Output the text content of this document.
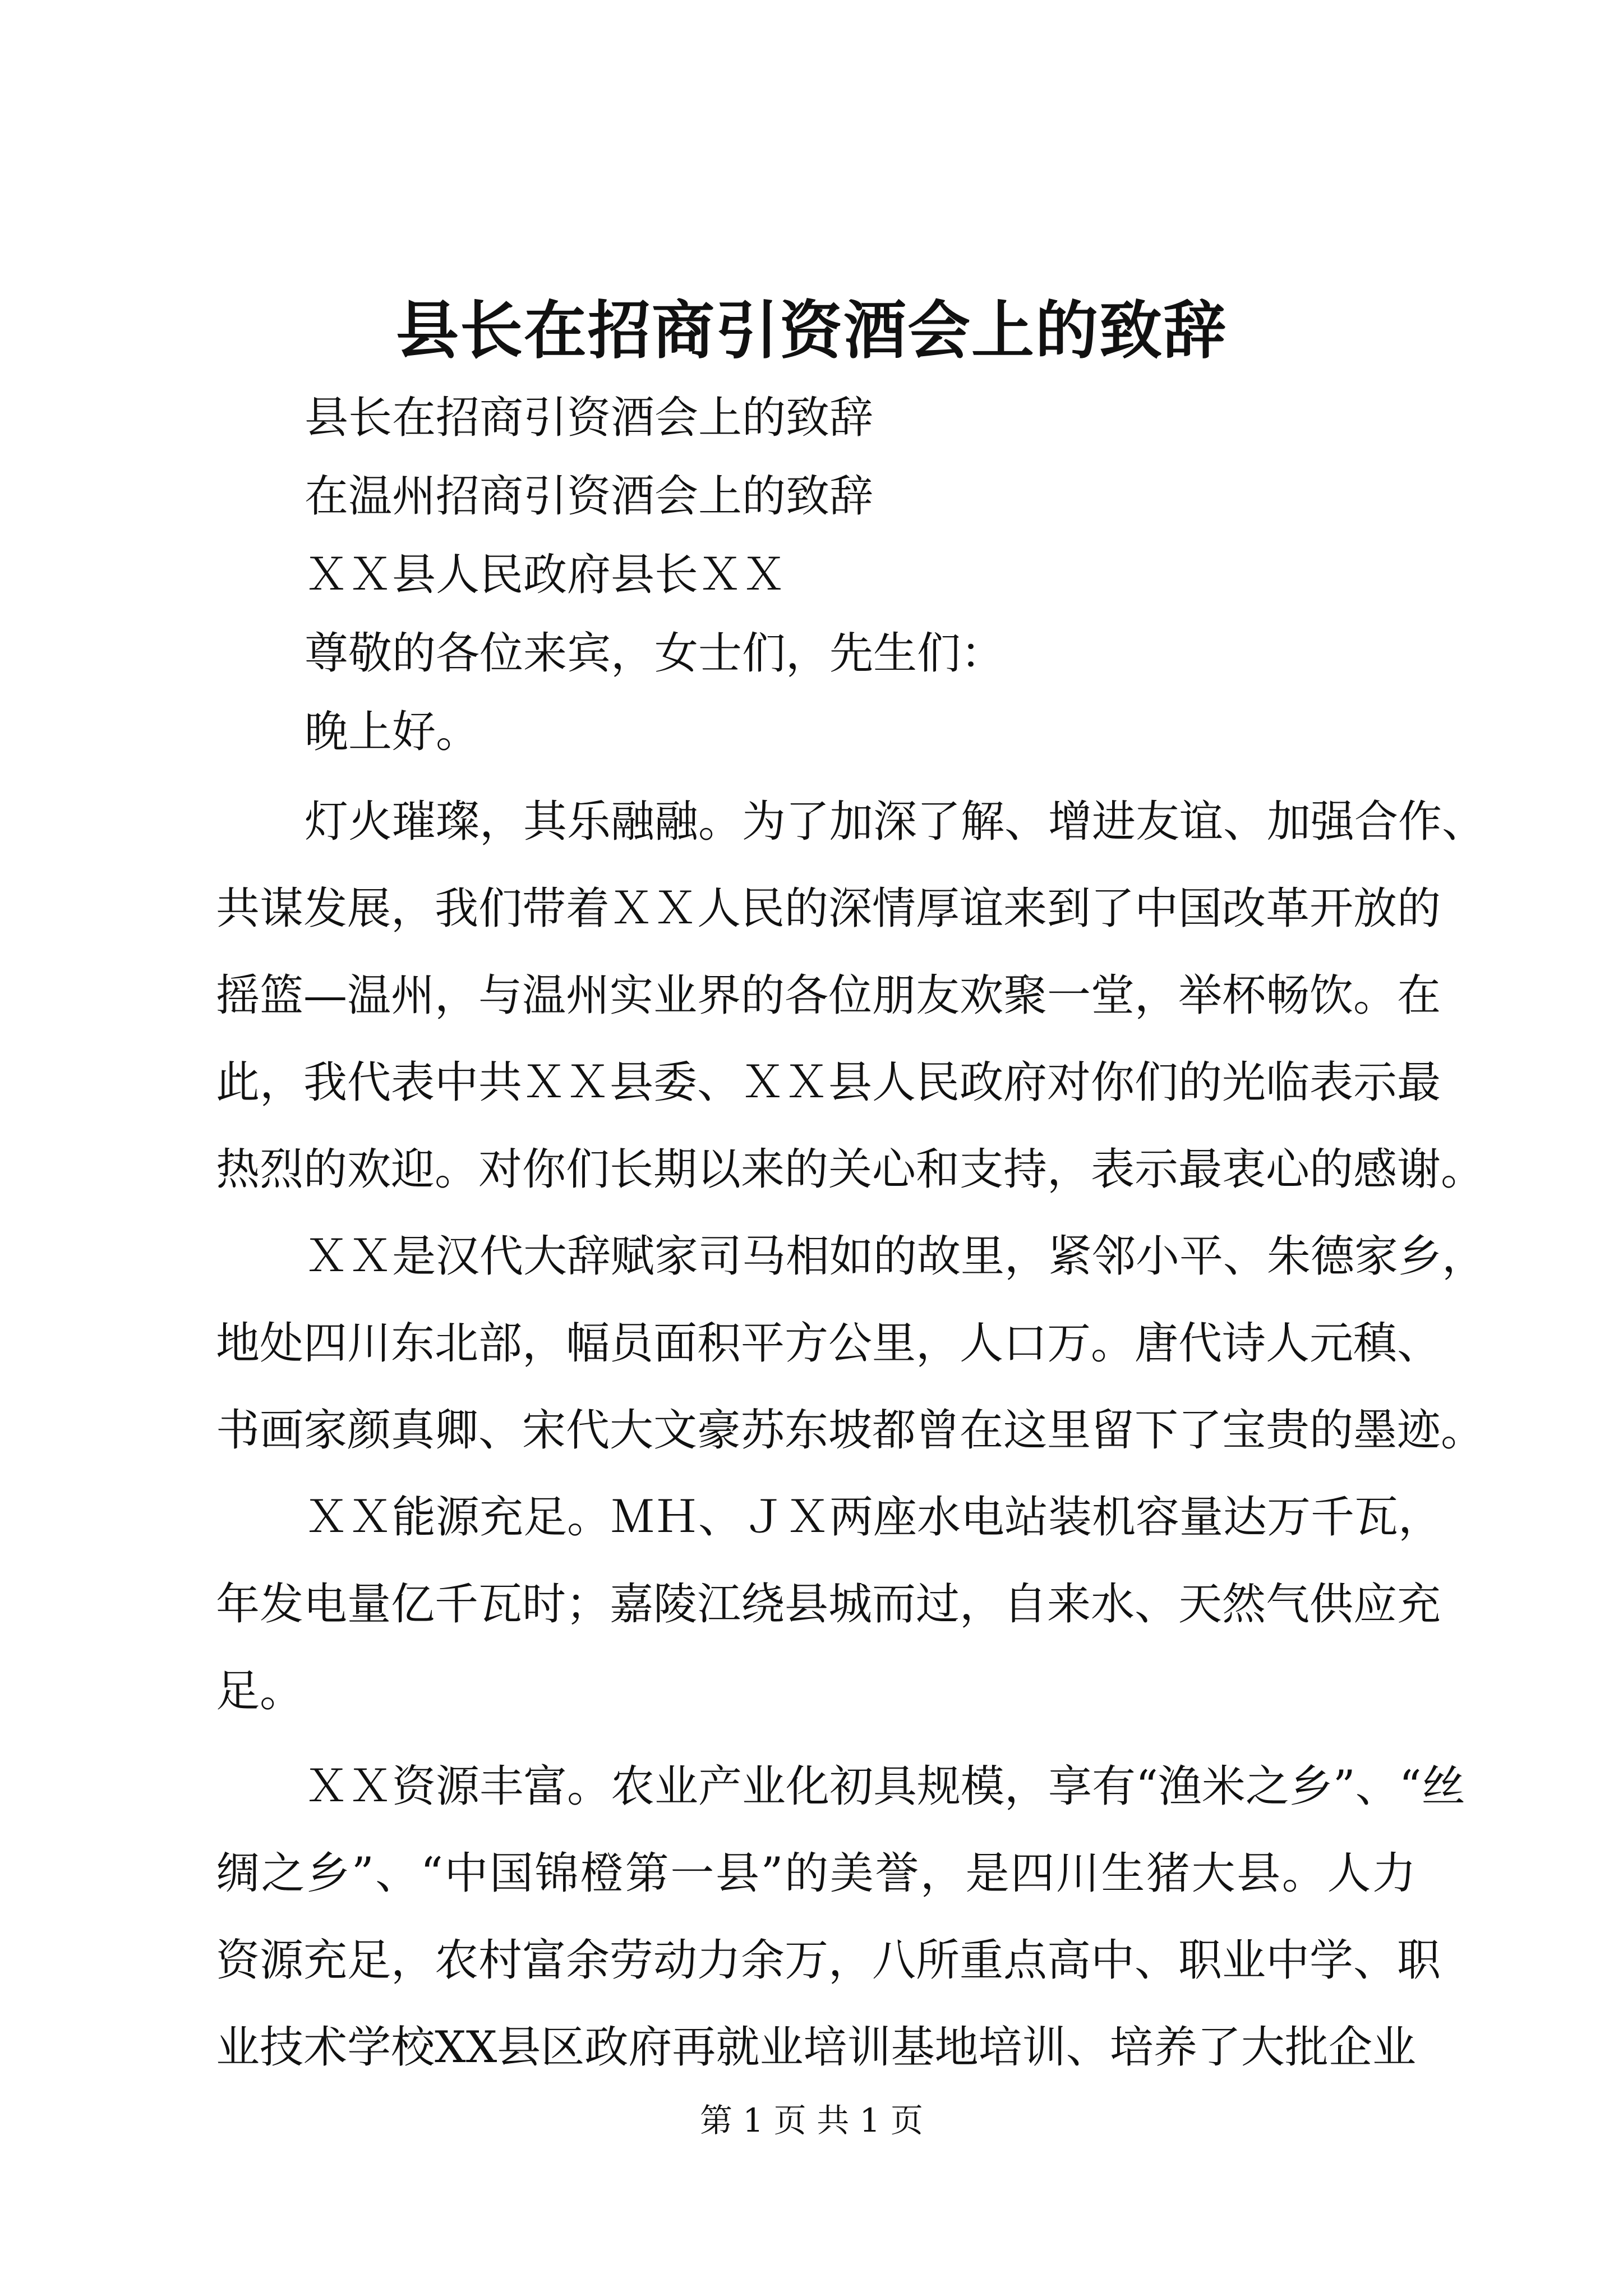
县长在招商引资酒会上的致辞
县长在招商引资酒会上的致辞
在温州招商引资酒会上的致辞
ＸＸ县人民政府县长ＸＸ
尊敬的各位来宾，女士们，先生们：
晚上好。
灯火璀璨，其乐融融。为了加深了解、增进友谊、加强合作、
共谋发展，我们带着ＸＸ人民的深情厚谊来到了中国改革开放的
摇篮—温州，与温州实业界的各位朋友欢聚一堂，举杯畅饮。在
此，我代表中共ＸＸ县委、ＸＸ县人民政府对你们的光临表示最
热烈的欢迎。对你们长期以来的关心和支持，表示最衷心的感谢。
ＸＸ是汉代大辞赋家司马相如的故里，紧邻小平、朱德家乡，
地处四川东北部，幅员面积平方公里，人口万。唐代诗人元稹、
书画家颜真卿、宋代大文豪苏东坡都曾在这里留下了宝贵的墨迹。
ＸＸ能源充足。ＭＨ、ＪＸ两座水电站装机容量达万千瓦，
年发电量亿千瓦时；嘉陵江绕县城而过，自来水、天然气供应充
足。
ＸＸ资源丰富。农业产业化初具规模，享有“渔米之乡”、“丝
绸之乡”、“中国锦橙第一县”的美誉，是四川生猪大县。人力
资源充足，农村富余劳动力余万，八所重点高中、职业中学、职
业技术学校XX县区政府再就业培训基地培训、培养了大批企业
第 1 页 共 1 页
